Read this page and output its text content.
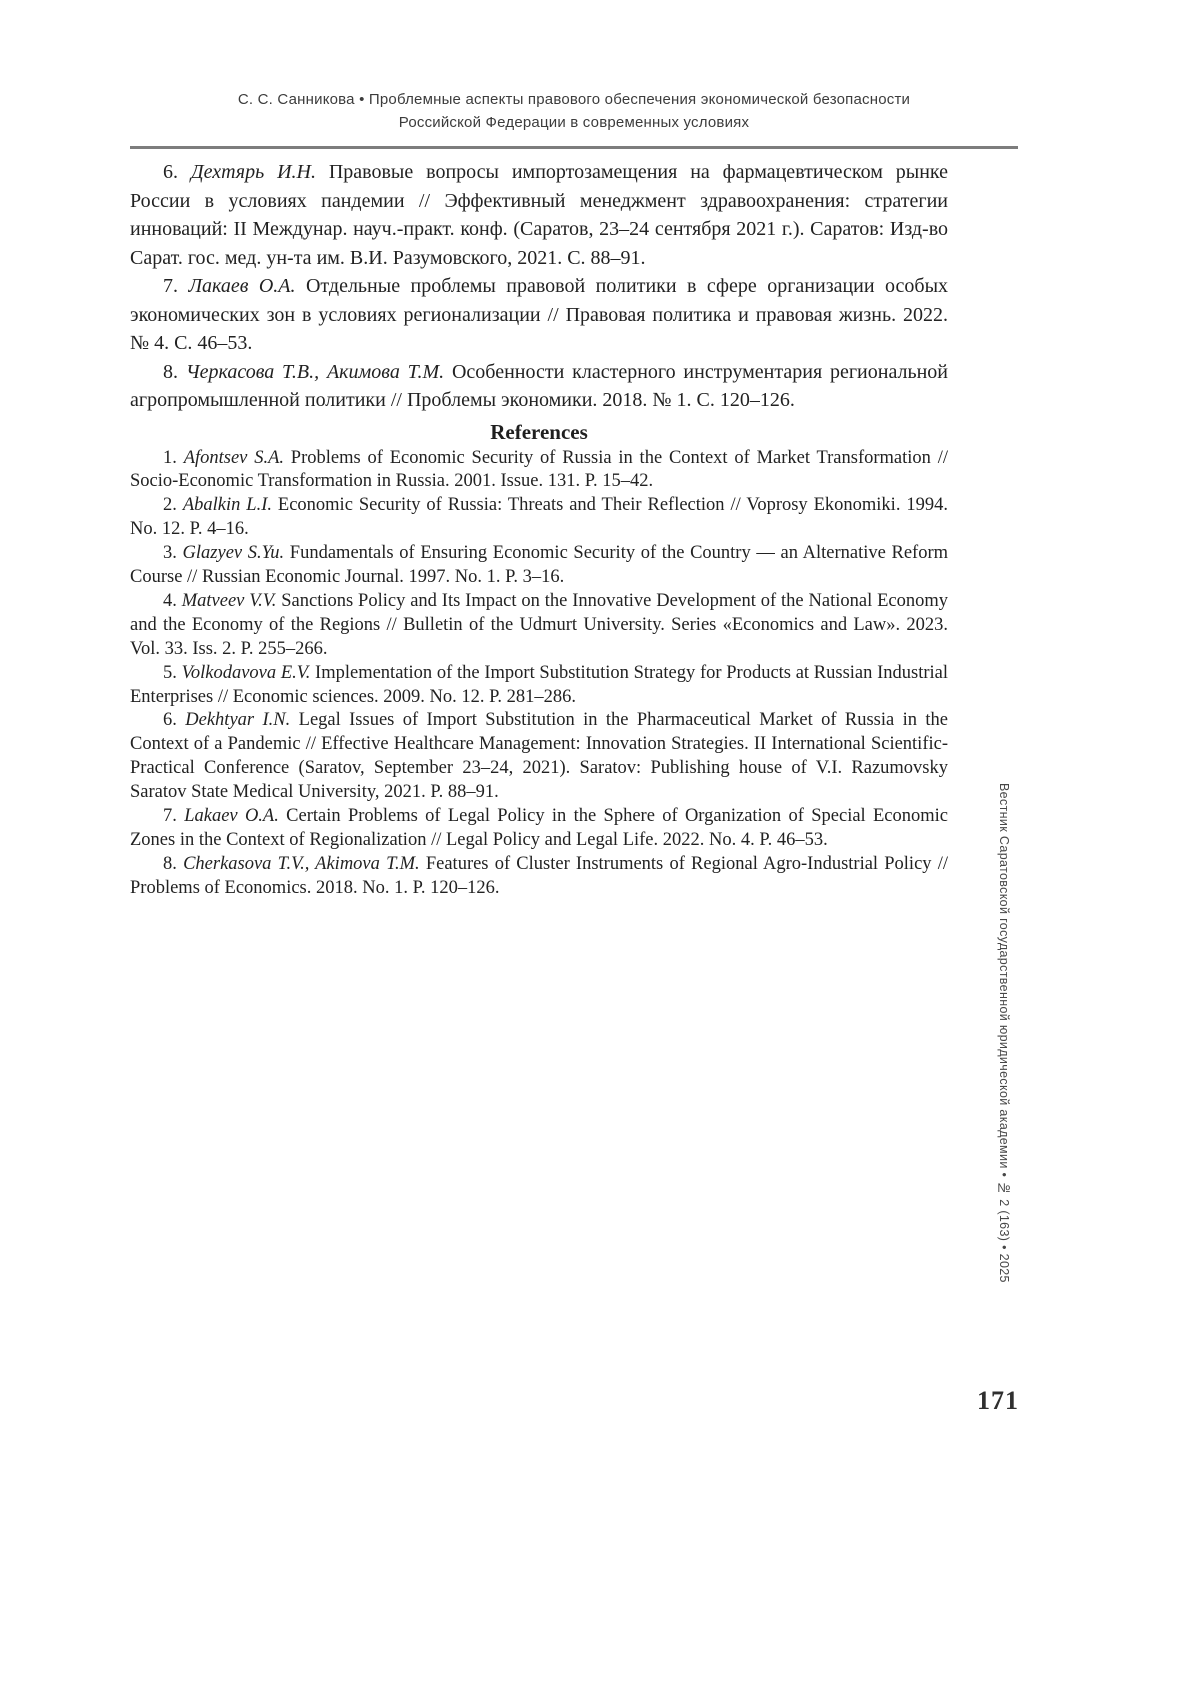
С. С. Санникова • Проблемные аспекты правового обеспечения экономической безопасности
Российской Федерации в современных условиях

6. Дехтярь И.Н. Правовые вопросы импортозамещения на фармацевтическом рынке России в условиях пандемии // Эффективный менеджмент здравоохранения: стратегии инноваций: II Междунар. науч.-практ. конф. (Саратов, 23–24 сентября 2021 г.). Саратов: Изд-во Сарат. гос. мед. ун-та им. В.И. Разумовского, 2021. С. 88–91.

7. Лакаев О.А. Отдельные проблемы правовой политики в сфере организации особых экономических зон в условиях регионализации // Правовая политика и правовая жизнь. 2022. № 4. С. 46–53.

8. Черкасова Т.В., Акимова Т.М. Особенности кластерного инструментария региональной агропромышленной политики // Проблемы экономики. 2018. № 1. С. 120–126.

References

1. Afontsev S.A. Problems of Economic Security of Russia in the Context of Market Transformation // Socio-Economic Transformation in Russia. 2001. Issue. 131. P. 15–42.

2. Abalkin L.I. Economic Security of Russia: Threats and Their Reflection // Voprosy Ekonomiki. 1994. No. 12. P. 4–16.

3. Glazyev S.Yu. Fundamentals of Ensuring Economic Security of the Country — an Alternative Reform Course // Russian Economic Journal. 1997. No. 1. P. 3–16.

4. Matveev V.V. Sanctions Policy and Its Impact on the Innovative Development of the National Economy and the Economy of the Regions // Bulletin of the Udmurt University. Series «Economics and Law». 2023. Vol. 33. Iss. 2. P. 255–266.

5. Volkodavova E.V. Implementation of the Import Substitution Strategy for Products at Russian Industrial Enterprises // Economic sciences. 2009. No. 12. P. 281–286.

6. Dekhtyar I.N. Legal Issues of Import Substitution in the Pharmaceutical Market of Russia in the Context of a Pandemic // Effective Healthcare Management: Innovation Strategies. II International Scientific-Practical Conference (Saratov, September 23–24, 2021). Saratov: Publishing house of V.I. Razumovsky Saratov State Medical University, 2021. P. 88–91.

7. Lakaev O.A. Certain Problems of Legal Policy in the Sphere of Organization of Special Economic Zones in the Context of Regionalization // Legal Policy and Legal Life. 2022. No. 4. P. 46–53.

8. Cherkasova T.V., Akimova T.M. Features of Cluster Instruments of Regional Agro-Industrial Policy // Problems of Economics. 2018. No. 1. P. 120–126.	Вестник Саратовской государственной юридической академии • № 2 (163) • 2025
171
